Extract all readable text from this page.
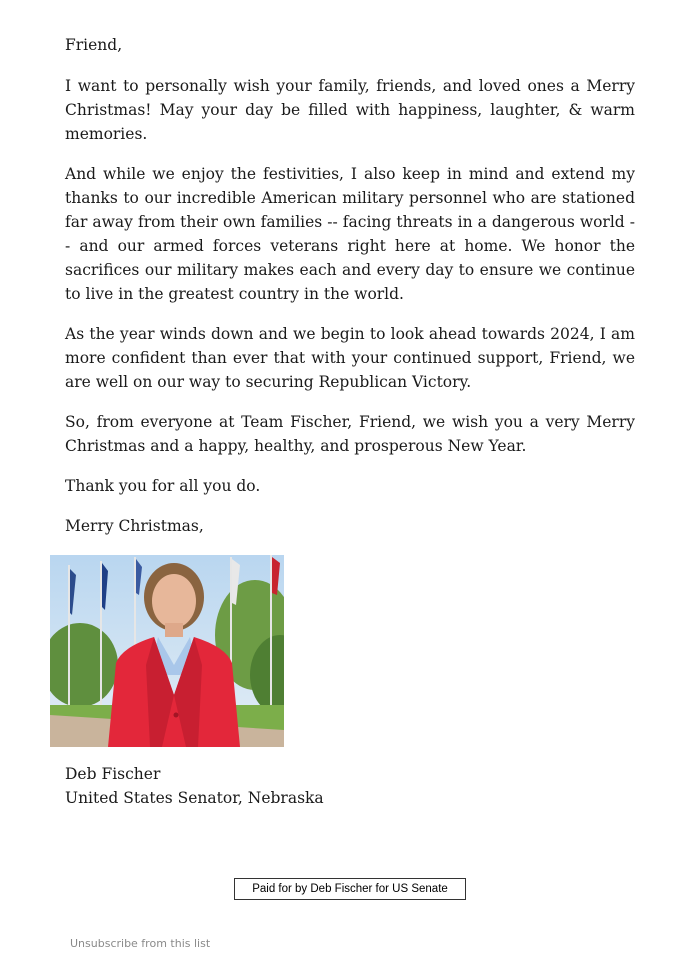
Friend,

I want to personally wish your family, friends, and loved ones a Merry Christmas! May your day be filled with happiness, laughter, & warm memories.

And while we enjoy the festivities, I also keep in mind and extend my thanks to our incredible American military personnel who are stationed far away from their own families -- facing threats in a dangerous world -- and our armed forces veterans right here at home. We honor the sacrifices our military makes each and every day to ensure we continue to live in the greatest country in the world.

As the year winds down and we begin to look ahead towards 2024, I am more confident than ever that with your continued support, Friend, we are well on our way to securing Republican Victory.

So, from everyone at Team Fischer, Friend, we wish you a very Merry Christmas and a happy, healthy, and prosperous New Year.

Thank you for all you do.

Merry Christmas,

Deb Fischer
United States Senator, Nebraska
Paid for by Deb Fischer for US Senate
Unsubscribe from this list
